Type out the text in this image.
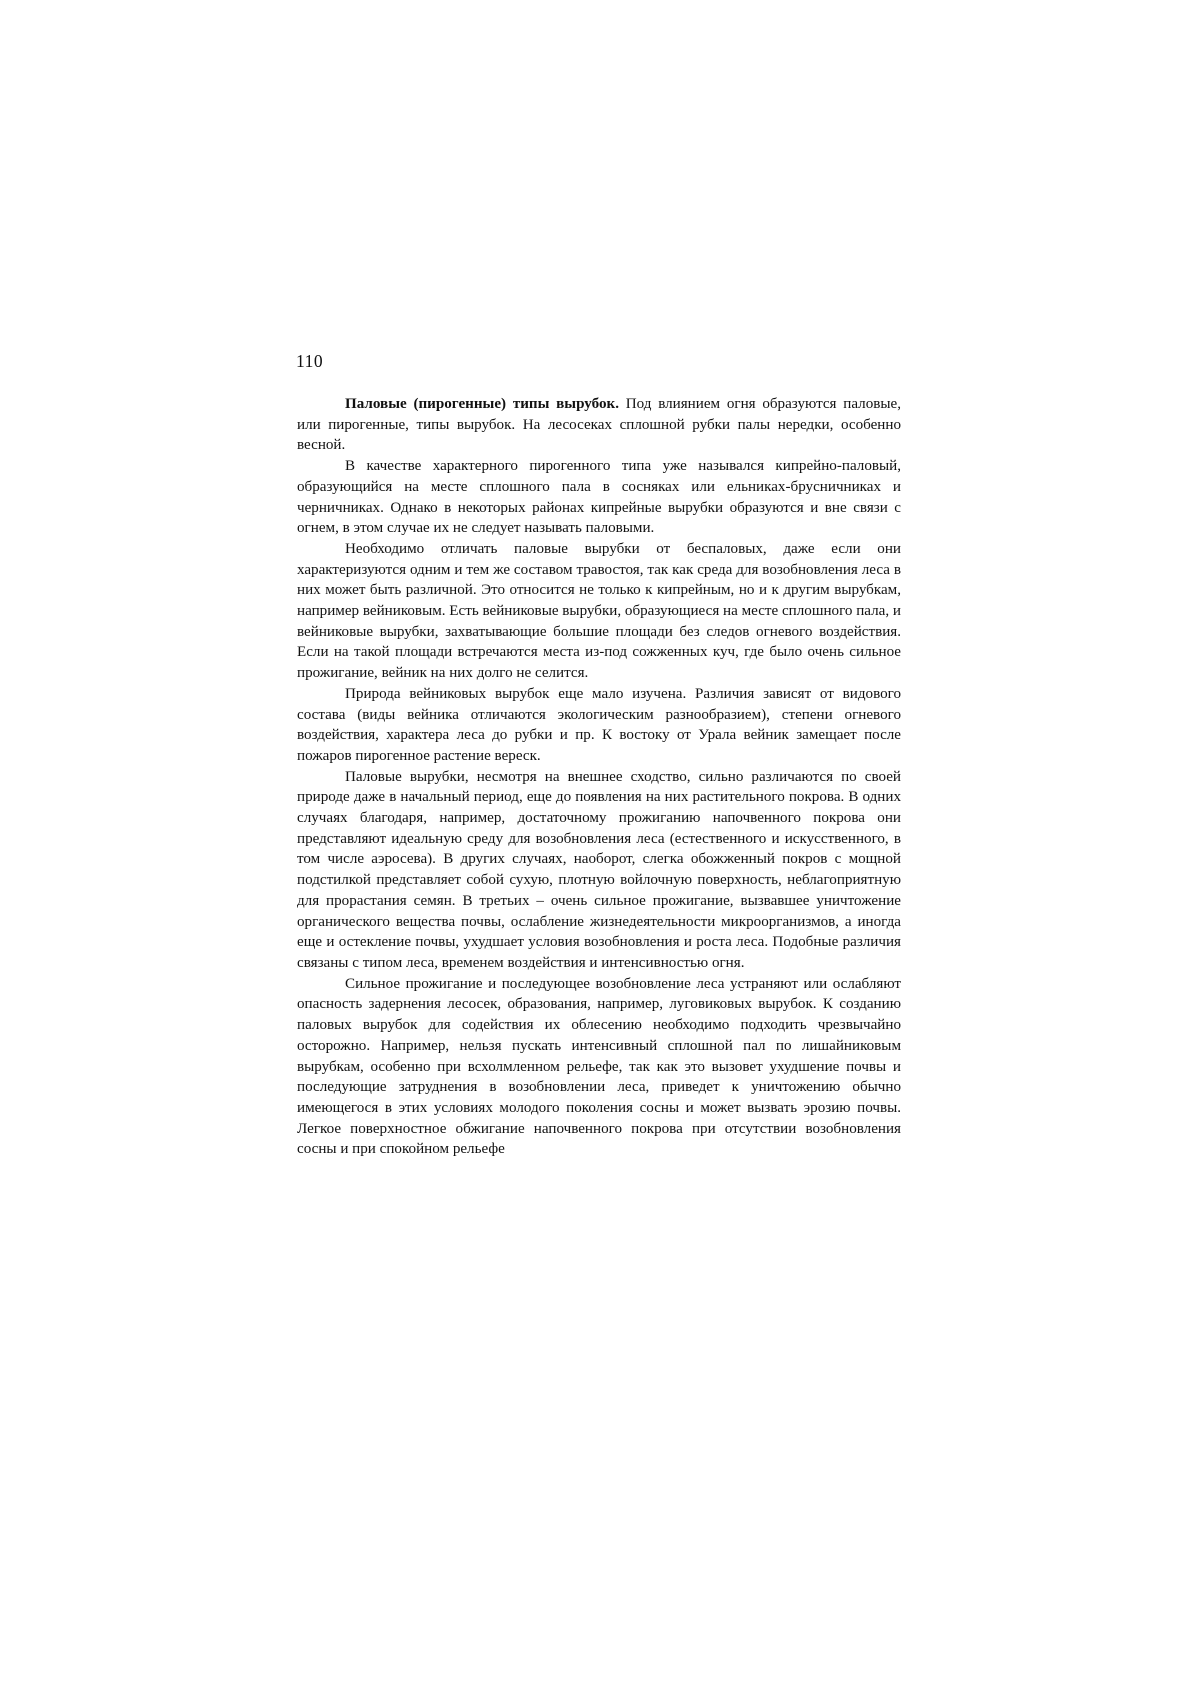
110

Паловые (пирогенные) типы вырубок. Под влиянием огня образуются паловые, или пирогенные, типы вырубок. На лесосеках сплошной рубки палы нередки, особенно весной.

В качестве характерного пирогенного типа уже назывался кипрейно-паловый, образующийся на месте сплошного пала в сосняках или ельниках-брусничниках и черничниках. Однако в некоторых районах кипрейные вырубки образуются и вне связи с огнем, в этом случае их не следует называть паловыми.

Необходимо отличать паловые вырубки от беспаловых, даже если они характеризуются одним и тем же составом травостоя, так как среда для возобновления леса в них может быть различной. Это относится не только к кипрейным, но и к другим вырубкам, например вейниковым. Есть вейниковые вырубки, образующиеся на месте сплошного пала, и вейниковые вырубки, захватывающие большие площади без следов огневого воздействия. Если на такой площади встречаются места из-под сожженных куч, где было очень сильное прожигание, вейник на них долго не селится.

Природа вейниковых вырубок еще мало изучена. Различия зависят от видового состава (виды вейника отличаются экологическим разнообразием), степени огневого воздействия, характера леса до рубки и пр. К востоку от Урала вейник замещает после пожаров пирогенное растение вереск.

Паловые вырубки, несмотря на внешнее сходство, сильно различаются по своей природе даже в начальный период, еще до появления на них растительного покрова. В одних случаях благодаря, например, достаточному прожиганию напочвенного покрова они представляют идеальную среду для возобновления леса (естественного и искусственного, в том числе аэросева). В других случаях, наоборот, слегка обожженный покров с мощной подстилкой представляет собой сухую, плотную войлочную поверхность, неблагоприятную для прорастания семян. В третьих – очень сильное прожигание, вызвавшее уничтожение органического вещества почвы, ослабление жизнедеятельности микроорганизмов, а иногда еще и остекление почвы, ухудшает условия возобновления и роста леса. Подобные различия связаны с типом леса, временем воздействия и интенсивностью огня.

Сильное прожигание и последующее возобновление леса устраняют или ослабляют опасность задернения лесосек, образования, например, луговиковых вырубок. К созданию паловых вырубок для содействия их облесению необходимо подходить чрезвычайно осторожно. Например, нельзя пускать интенсивный сплошной пал по лишайниковым вырубкам, особенно при всхолмленном рельефе, так как это вызовет ухудшение почвы и последующие затруднения в возобновлении леса, приведет к уничтожению обычно имеющегося в этих условиях молодого поколения сосны и может вызвать эрозию почвы. Легкое поверхностное обжигание напочвенного покрова при отсутствии возобновления сосны и при спокойном рельефе
